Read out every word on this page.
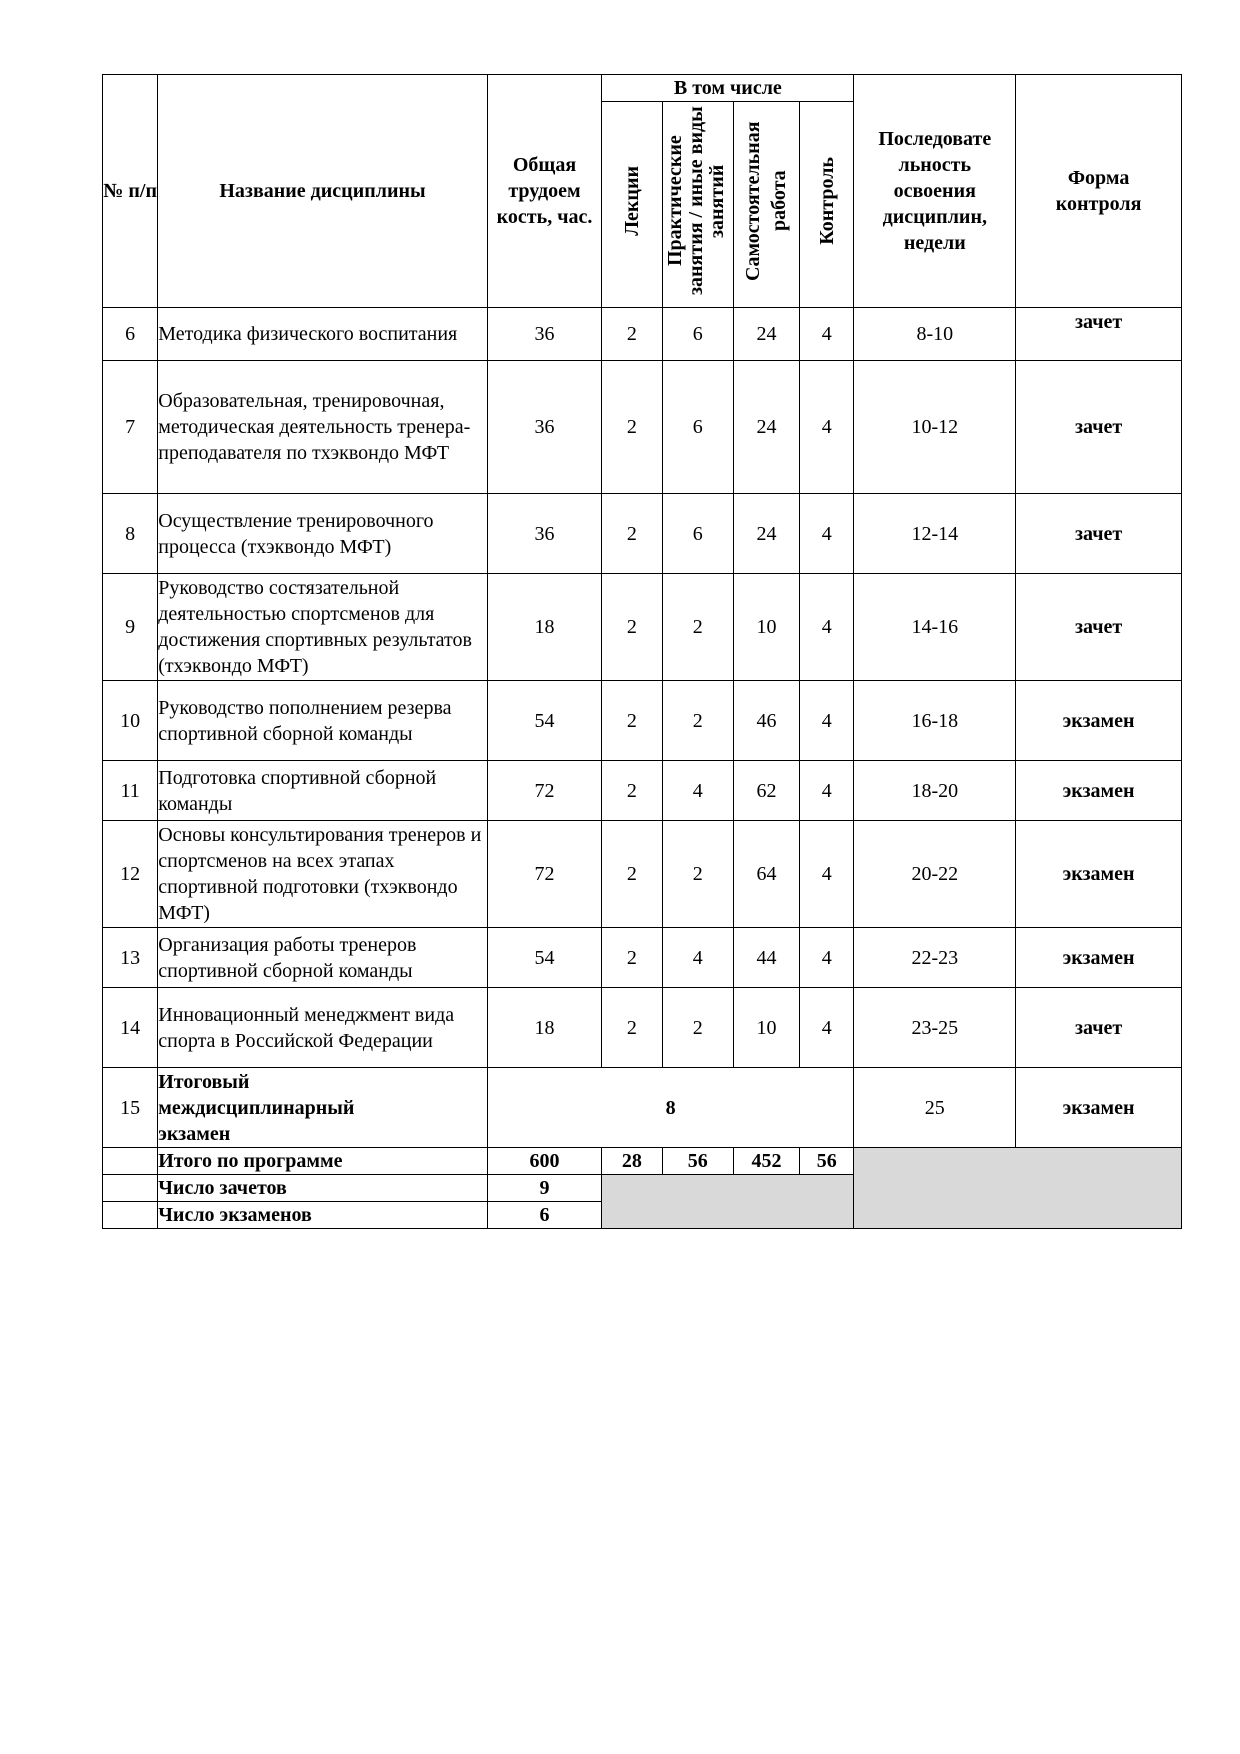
№ п/п	Название дисциплины	Общая трудоем кость, час.	В том числе				Последовате льность освоения дисциплин, недели	Форма контроля
			Лекции	Практические занятия / иные виды занятий	Самостоятельная работа	Контроль		
6	Методика физического воспитания	36	2	6	24	4	8-10	зачет
7	Образовательная, тренировочная, методическая деятельность тренера-преподавателя по тхэквондо МФТ	36	2	6	24	4	10-12	зачет
8	Осуществление тренировочного процесса (тхэквондо МФТ)	36	2	6	24	4	12-14	зачет
9	Руководство состязательной деятельностью спортсменов для достижения спортивных результатов (тхэквондо МФТ)	18	2	2	10	4	14-16	зачет
10	Руководство пополнением резерва спортивной сборной команды	54	2	2	46	4	16-18	экзамен
11	Подготовка спортивной сборной команды	72	2	4	62	4	18-20	экзамен
12	Основы консультирования тренеров и спортсменов на всех этапах спортивной подготовки (тхэквондо МФТ)	72	2	2	64	4	20-22	экзамен
13	Организация работы тренеров спортивной сборной команды	54	2	4	44	4	22-23	экзамен
14	Инновационный менеджмент вида спорта в Российской Федерации	18	2	2	10	4	23-25	зачет
15	Итоговый междисциплинарный экзамен	8					25	экзамен
	Итого по программе	600	28	56	452	56		
	Число зачетов	9						
	Число экзаменов	6						
